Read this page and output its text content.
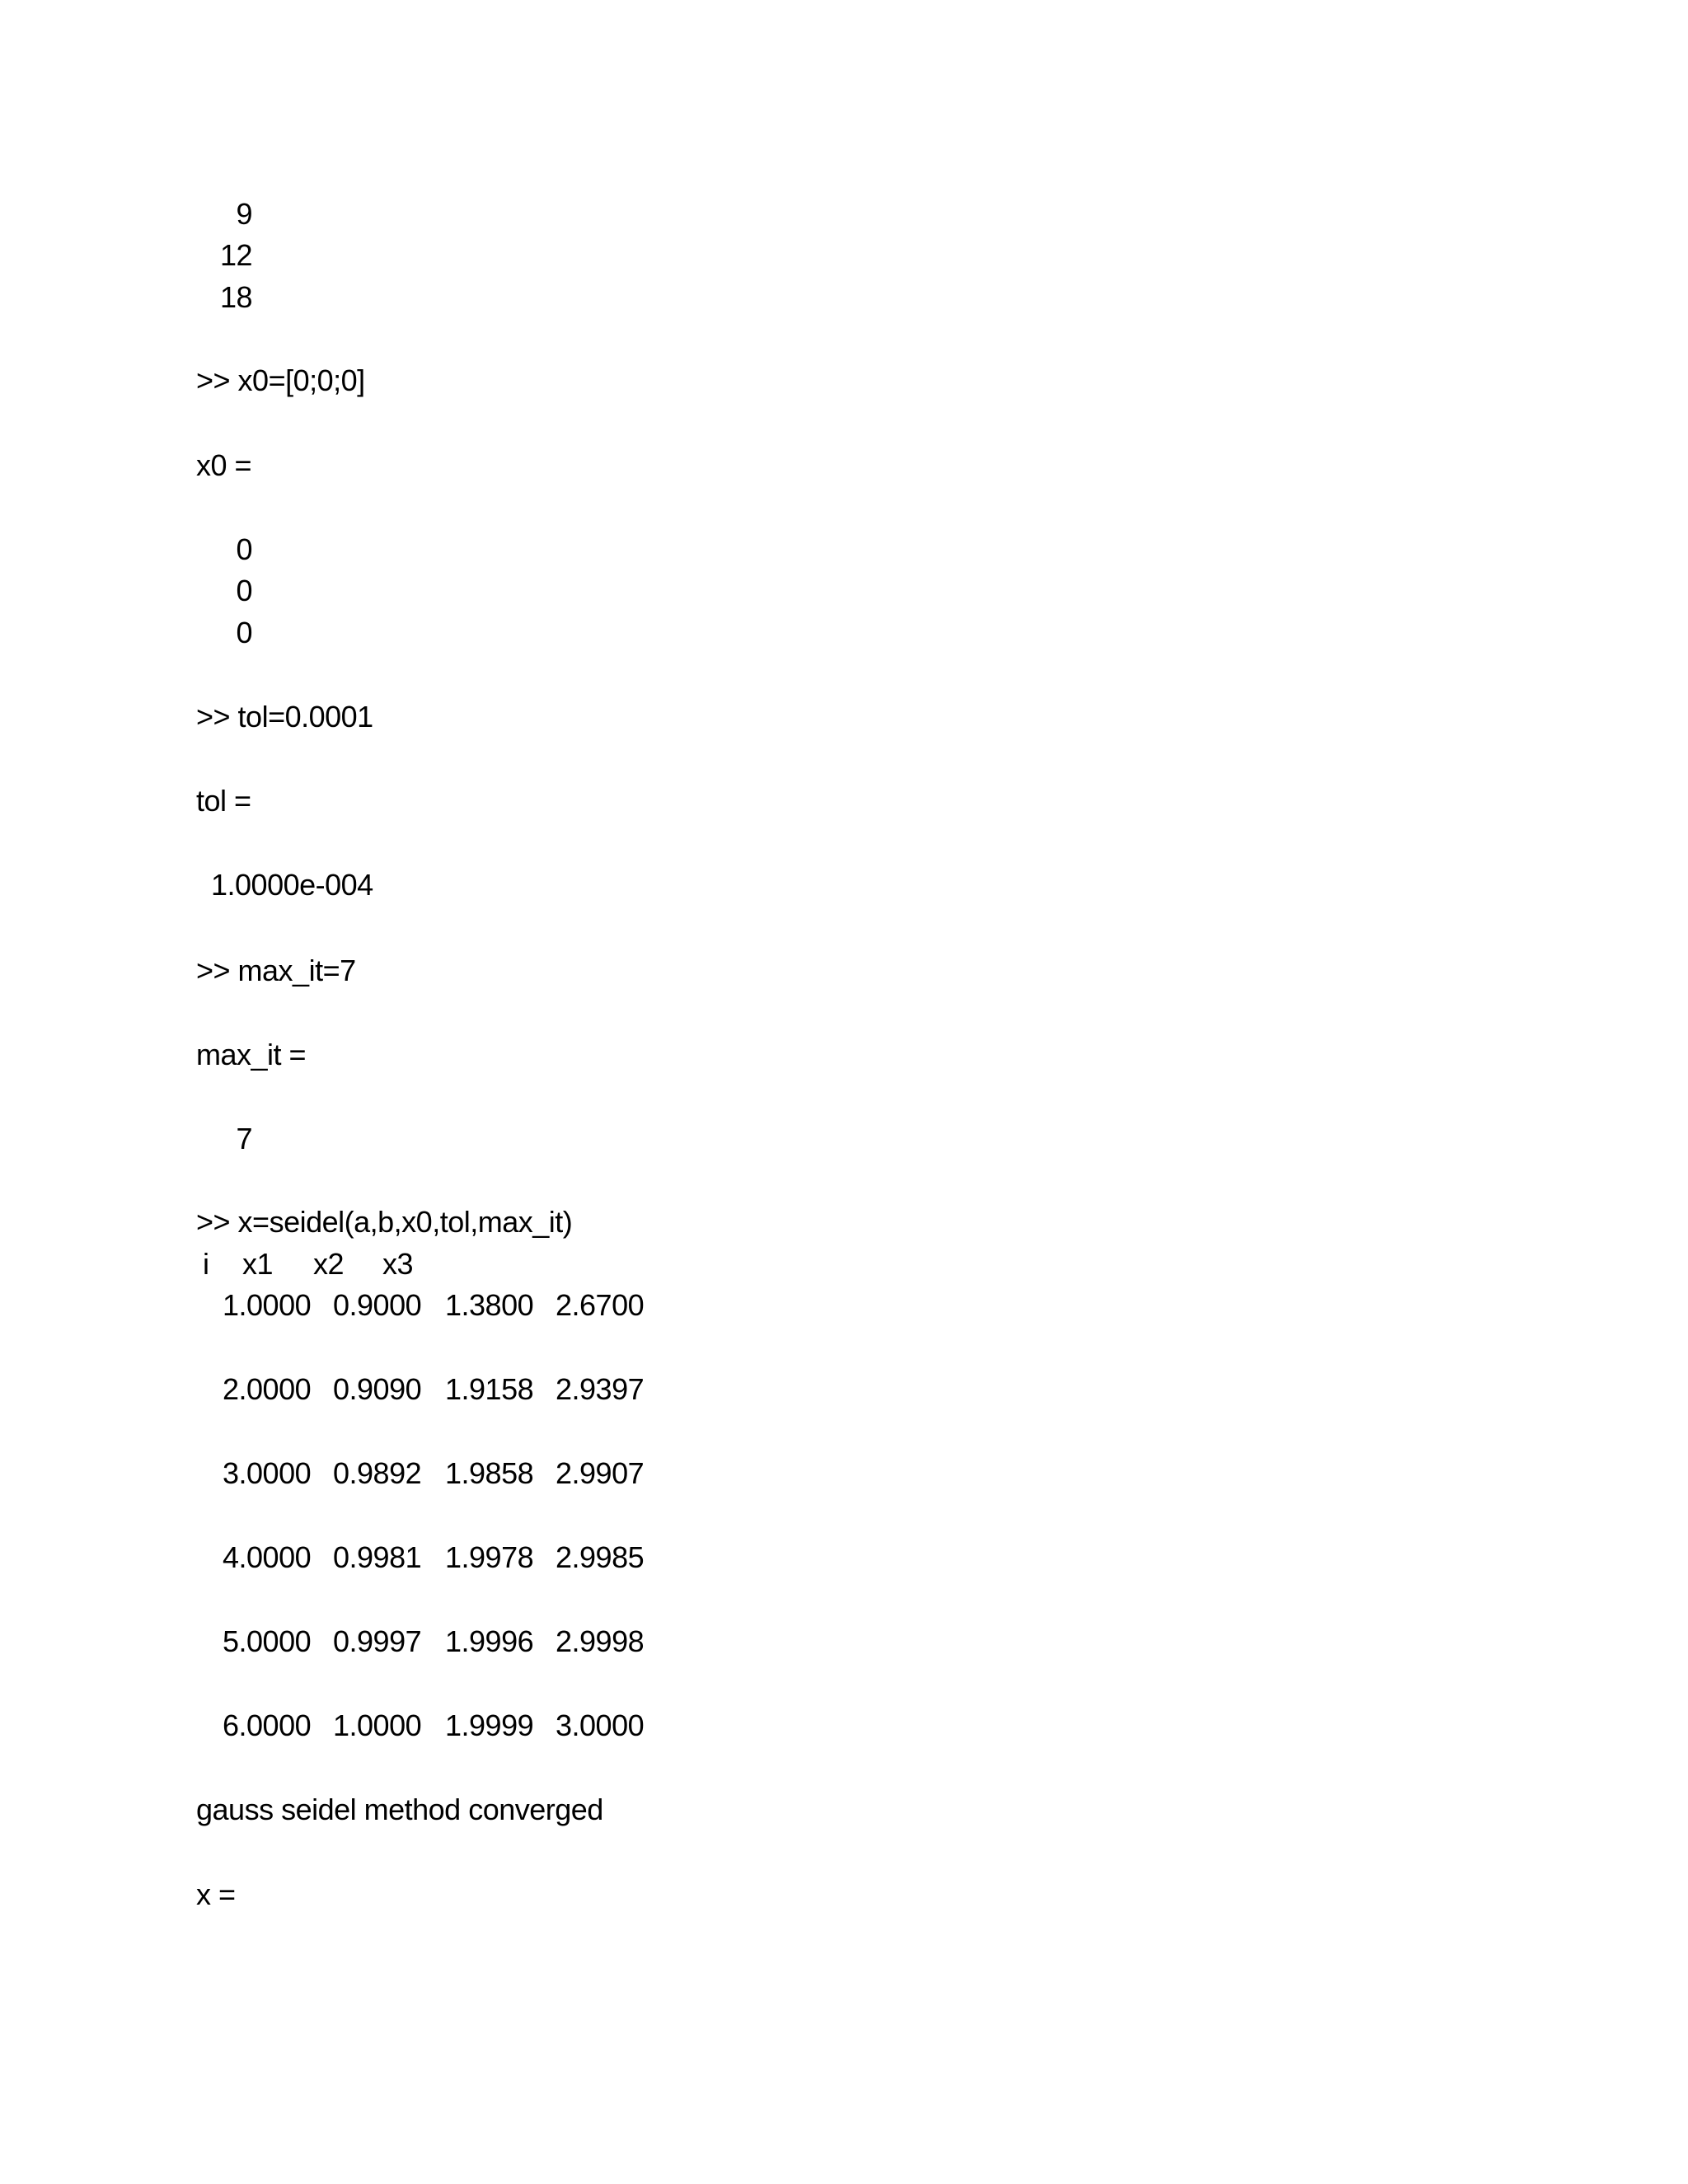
9
12
18
>> x0=[0;0;0]
x0 =
0
0
0
>> tol=0.0001
tol =
1.0000e-004
>> max_it=7
max_it =
7
>> x=seidel(a,b,x0,tol,max_it)
i x1 x2 x3
1.0000 0.9000 1.3800 2.6700
2.0000 0.9090 1.9158 2.9397
3.0000 0.9892 1.9858 2.9907
4.0000 0.9981 1.9978 2.9985
5.0000 0.9997 1.9996 2.9998
6.0000 1.0000 1.9999 3.0000
gauss seidel method converged
x =
